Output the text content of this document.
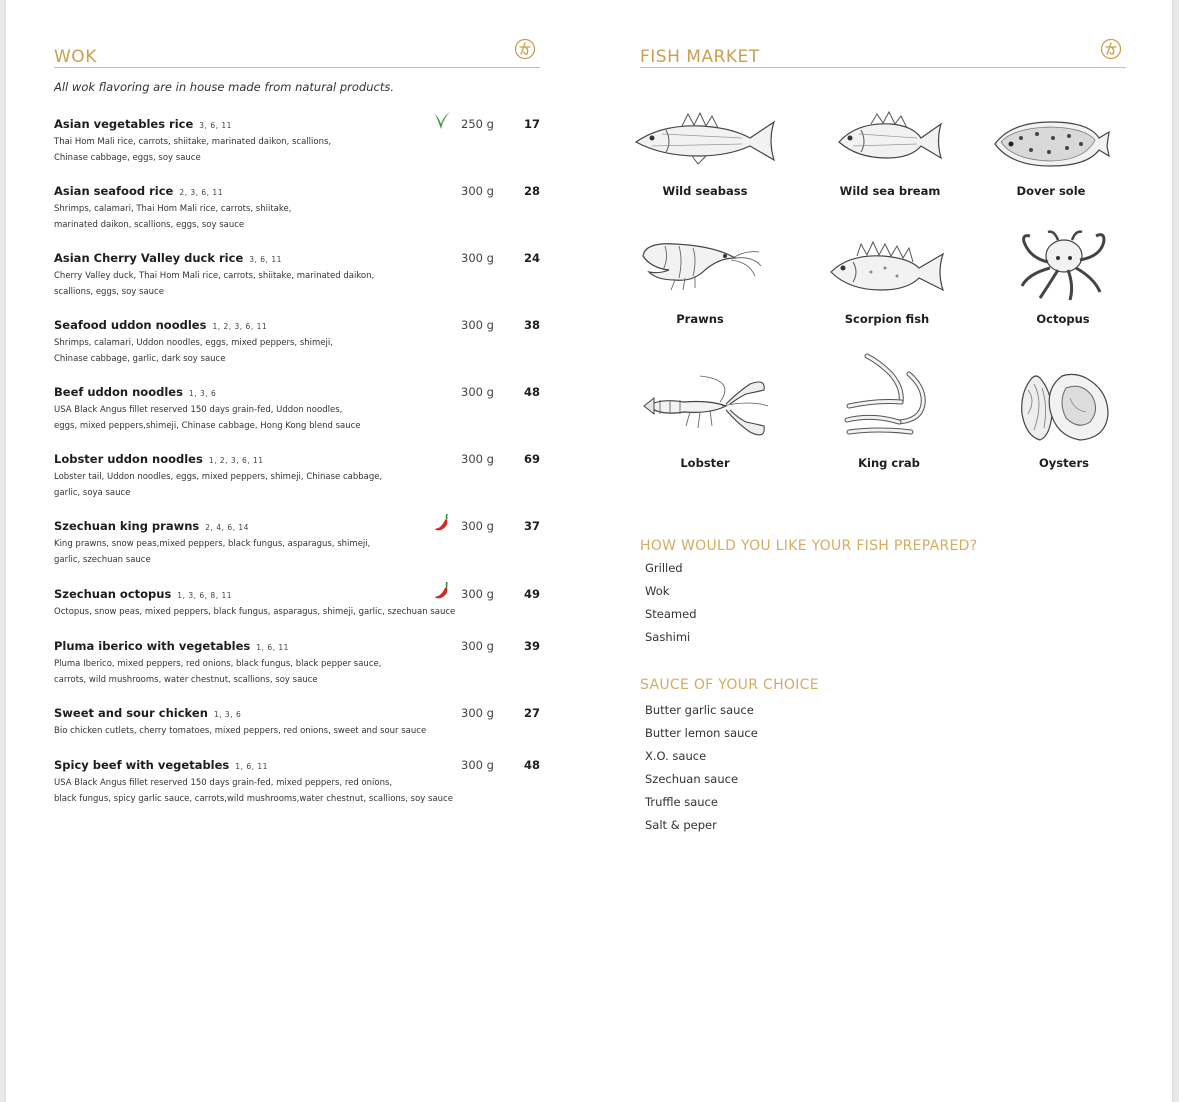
WOK
All wok flavoring are in house made from natural products.
Asian vegetables rice 3, 6, 11	250 g	17
Thai Hom Mali rice, carrots, shiitake, marinated daikon, scallions,
Chinase cabbage, eggs, soy sauce
Asian seafood rice 2, 3, 6, 11	300 g	28
Shrimps, calamari, Thai Hom Mali rice, carrots, shiitake,
marinated daikon, scallions, eggs, soy sauce
Asian Cherry Valley duck rice 3, 6, 11	300 g	24
Cherry Valley duck, Thai Hom Mali rice, carrots, shiitake, marinated daikon,
scallions, eggs, soy sauce
Seafood uddon noodles 1, 2, 3, 6, 11	300 g	38
Shrimps, calamari, Uddon noodles, eggs, mixed peppers, shimeji,
Chinase cabbage, garlic, dark soy sauce
Beef uddon noodles 1, 3, 6	300 g	48
USA Black Angus fillet reserved 150 days grain-fed, Uddon noodles,
eggs, mixed peppers,shimeji, Chinase cabbage, Hong Kong blend sauce
Lobster uddon noodles 1, 2, 3, 6, 11	300 g	69
Lobster tail, Uddon noodles, eggs, mixed peppers, shimeji, Chinase cabbage,
garlic, soya sauce
Szechuan king prawns 2, 4, 6, 14	300 g	37
King prawns, snow peas,mixed peppers, black fungus, asparagus, shimeji,
garlic, szechuan sauce
Szechuan octopus 1, 3, 6, 8, 11	300 g	49
Octopus, snow peas, mixed peppers, black fungus, asparagus, shimeji, garlic, szechuan sauce
Pluma iberico with vegetables 1, 6, 11	300 g	39
Pluma Iberico, mixed peppers, red onions, black fungus, black pepper sauce,
carrots, wild mushrooms, water chestnut, scallions, soy sauce
Sweet and sour chicken 1, 3, 6	300 g	27
Bio chicken cutlets, cherry tomatoes, mixed peppers, red onions, sweet and sour sauce
Spicy beef with vegetables 1, 6, 11	300 g	48
USA Black Angus fillet reserved 150 days grain-fed, mixed peppers, red onions,
black fungus, spicy garlic sauce, carrots,wild mushrooms,water chestnut, scallions, soy sauce
FISH MARKET
Wild seabass	Wild sea bream	Dover sole
Prawns	Scorpion fish	Octopus
Lobster	King crab	Oysters
HOW WOULD YOU LIKE YOUR FISH PREPARED?
Grilled
Wok
Steamed
Sashimi
SAUCE OF YOUR CHOICE
Butter garlic sauce
Butter lemon sauce
X.O. sauce
Szechuan sauce
Truffle sauce
Salt & peper
